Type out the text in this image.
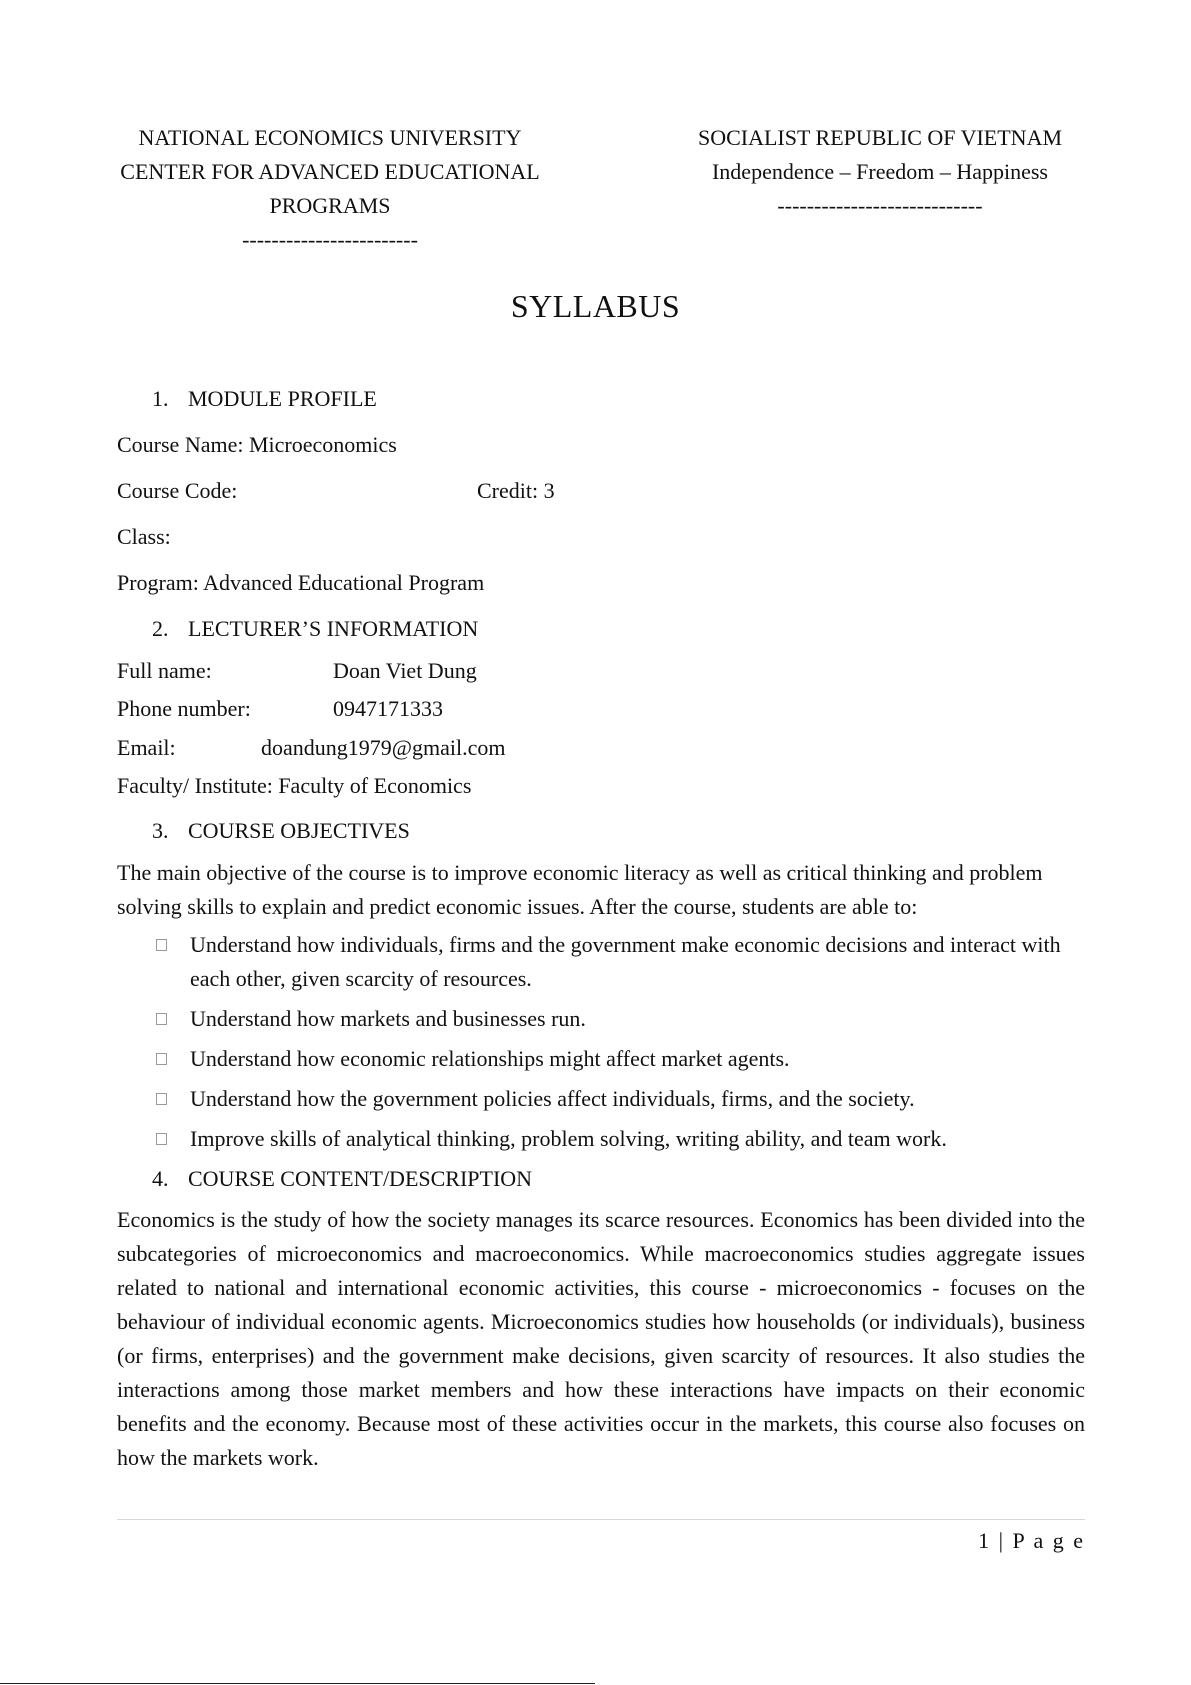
NATIONAL ECONOMICS UNIVERSITY
CENTER FOR ADVANCED EDUCATIONAL
PROGRAMS
------------------------
SOCIALIST REPUBLIC OF VIETNAM
Independence – Freedom – Happiness
----------------------------
SYLLABUS
1. MODULE PROFILE
Course Name: Microeconomics
Course Code:	Credit: 3
Class:
Program: Advanced Educational Program
2. LECTURER’S INFORMATION
Full name:	Doan Viet Dung
Phone number:	0947171333
Email:	doandung1979@gmail.com
Faculty/ Institute: Faculty of Economics
3. COURSE OBJECTIVES
The main objective of the course is to improve economic literacy as well as critical thinking and problem solving skills to explain and predict economic issues. After the course, students are able to:
Understand how individuals, firms and the government make economic decisions and interact with each other, given scarcity of resources.
Understand how markets and businesses run.
Understand how economic relationships might affect market agents.
Understand how the government policies affect individuals, firms, and the society.
Improve skills of analytical thinking, problem solving, writing ability, and team work.
4. COURSE CONTENT/DESCRIPTION
Economics is the study of how the society manages its scarce resources. Economics has been divided into the subcategories of microeconomics and macroeconomics. While macroeconomics studies aggregate issues related to national and international economic activities, this course - microeconomics - focuses on the behaviour of individual economic agents. Microeconomics studies how households (or individuals), business (or firms, enterprises) and the government make decisions, given scarcity of resources. It also studies the interactions among those market members and how these interactions have impacts on their economic benefits and the economy. Because most of these activities occur in the markets, this course also focuses on how the markets work.
1 | P a g e
